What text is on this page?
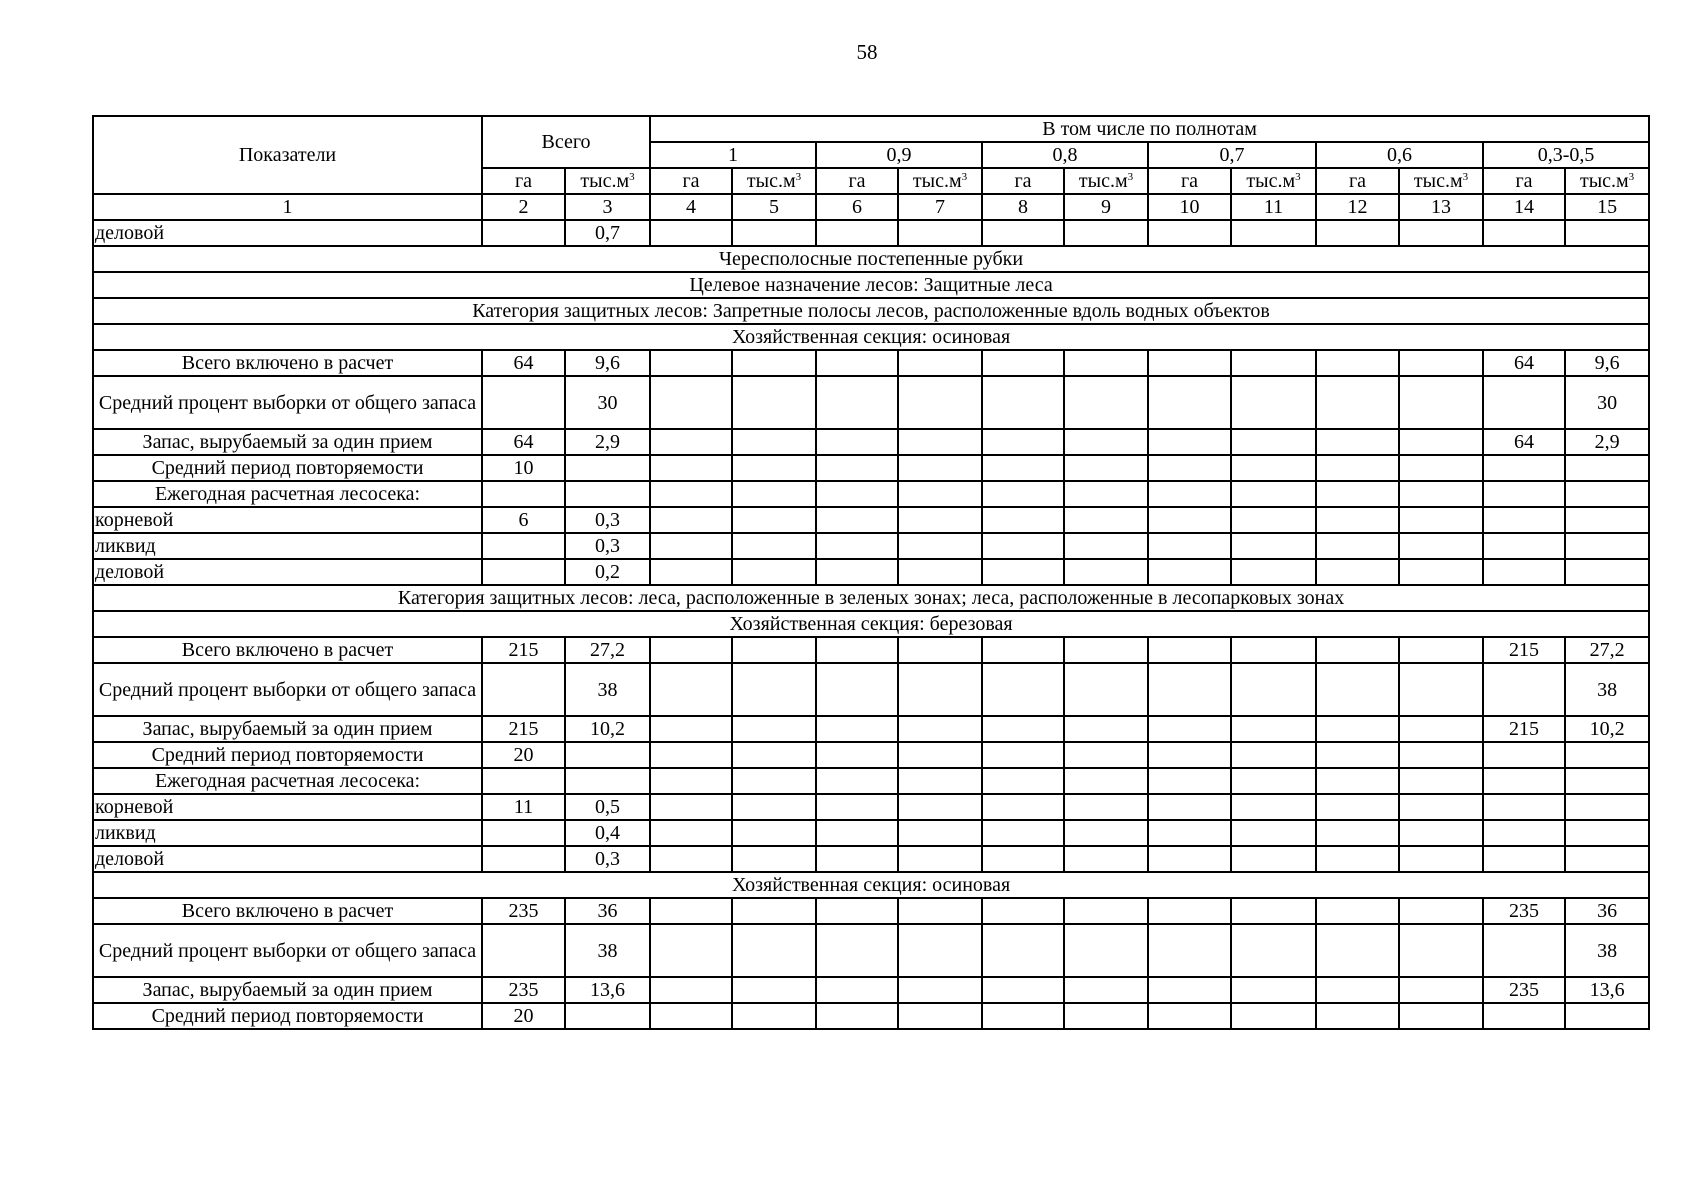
58
Показатели	Всего		В том числе по полнотам											
			1		0,9		0,8		0,7		0,6		0,3-0,5	
	га	$тыс.м^3$	га	$тыс.м^3$	га	$тыс.м^3$	га	$тыс.м^3$	га	$тыс.м^3$	га	$тыс.м^3$	га	$тыс.м^3$
1	2	3	4	5	6	7	8	9	10	11	12	13	14	15
деловой		0,7												
Чересполосные постепенные рубки														
Целевое назначение лесов: Защитные леса														
Категория защитных лесов: Запретные полосы лесов, расположенные вдоль водных объектов														
Хозяйственная секция: осиновая														
Всего включено в расчет	64	9,6											64	9,6
Средний процент выборки от общего запаса		30												30
Запас, вырубаемый за один прием	64	2,9											64	2,9
Средний период повторяемости	10													
Ежегодная расчетная лесосека:														
корневой	6	0,3												
ликвид		0,3												
деловой		0,2												
Категория защитных лесов: леса, расположенные в зеленых зонах; леса, расположенные в лесопарковых зонах														
Хозяйственная секция: березовая														
Всего включено в расчет	215	27,2											215	27,2
Средний процент выборки от общего запаса		38												38
Запас, вырубаемый за один прием	215	10,2											215	10,2
Средний период повторяемости	20													
Ежегодная расчетная лесосека:														
корневой	11	0,5												
ликвид		0,4												
деловой		0,3												
Хозяйственная секция: осиновая														
Всего включено в расчет	235	36											235	36
Средний процент выборки от общего запаса		38												38
Запас, вырубаемый за один прием	235	13,6											235	13,6
Средний период повторяемости	20													
